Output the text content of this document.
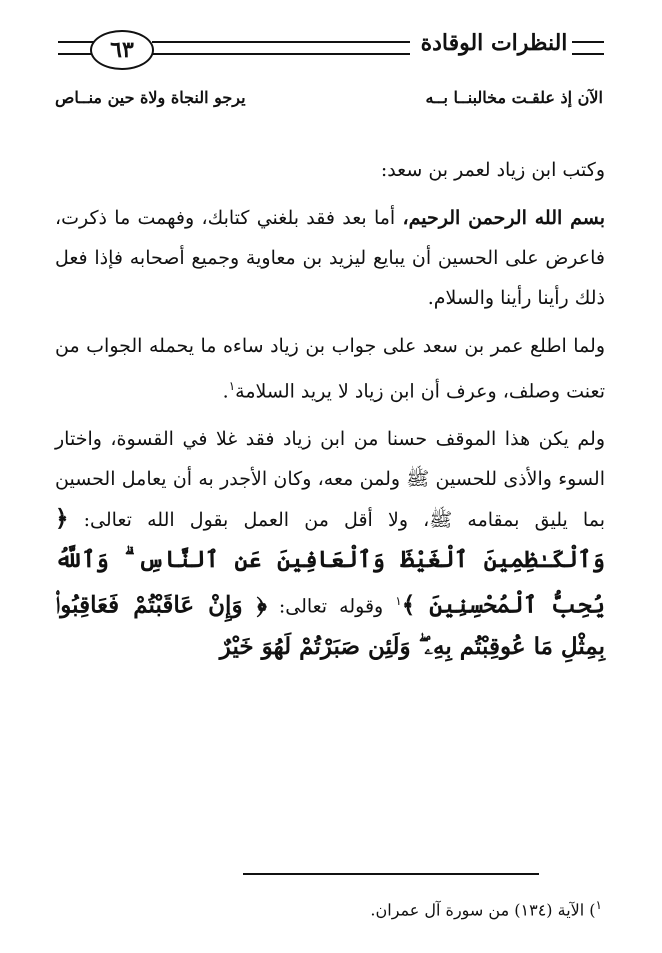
٦٣	النظرات الوقادة
الآن إذ علقـت مخالبنــا بــه
يرجو النجاة ولاة حين منــاص

وكتب ابن زياد لعمر بن سعد:

بسم الله الرحمن الرحيم، أما بعد فقد بلغني كتابك، وفهمت ما ذكرت، فاعرض على الحسين أن يبايع ليزيد بن معاوية وجميع أصحابه فإذا فعل ذلك رأينا رأينا والسلام.

ولما اطلع عمر بن سعد على جواب بن زياد ساءه ما يحمله الجواب من تعنت وصلف، وعرف أن ابن زياد لا يريد السلامة$^١$.

ولم يكن هذا الموقف حسنا من ابن زياد فقد غلا في القسوة، واختار السوء والأذى للحسين ﷺ ولمن معه، وكان الأجدر به أن يعامل الحسين بما يليق بمقامه ﷺ، ولا أقل من العمل بقول الله تعالى: ﴿ وَٱلْكَـٰظِمِينَ ٱلْغَيْظَ وَٱلْعَافِينَ عَنِ ٱلنَّاسِ ۗ وَٱللَّهُ يُحِبُّ ٱلْمُحْسِنِينَ ﴾$^١$ وقوله تعالى: ﴿ وَإِنْ عَاقَبْتُمْ فَعَاقِبُوا۟ بِمِثْلِ مَا عُوقِبْتُم بِهِۦ ۖ وَلَئِن صَبَرْتُمْ لَهُوَ خَيْرٌ

$^١$) الآية (١٣٤) من سورة آل عمران.
